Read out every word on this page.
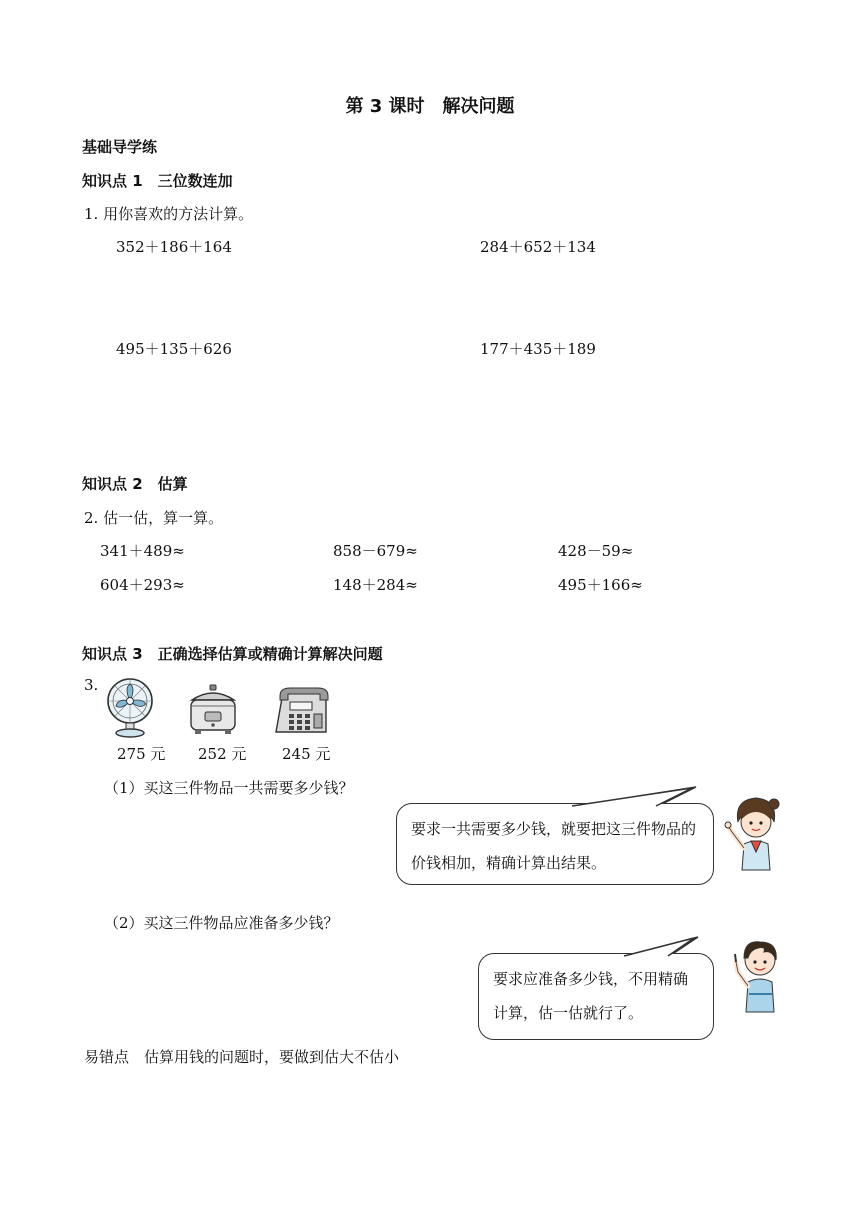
第 3 课时　解决问题
基础导学练
知识点 1　三位数连加
1. 用你喜欢的方法计算。
352＋186＋164	284＋652＋134
495＋135＋626	177＋435＋189
知识点 2　估算
2. 估一估，算一算。
341＋489≈	858－679≈	428－59≈
604＋293≈	148＋284≈	495＋166≈
知识点 3　正确选择估算或精确计算解决问题
3.
275 元 252 元 245 元
（1）买这三件物品一共需要多少钱？
要求一共需要多少钱，就要把这三件物品的价钱相加，精确计算出结果。
（2）买这三件物品应准备多少钱？
要求应准备多少钱，不用精确计算，估一估就行了。
易错点　估算用钱的问题时，要做到估大不估小
